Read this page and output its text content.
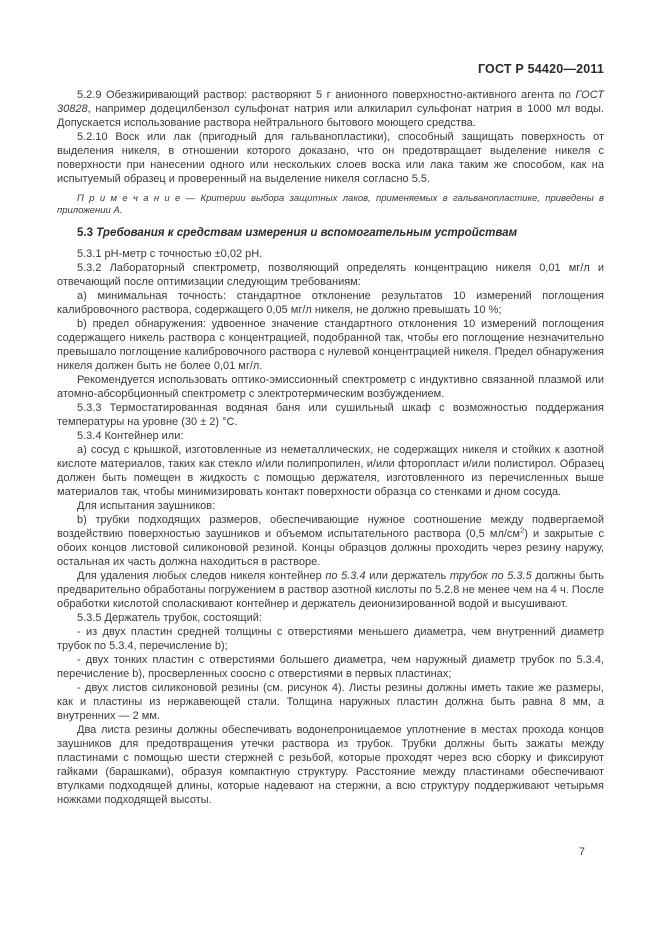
ГОСТ Р 54420—2011

5.2.9 Обезжиривающий раствор: растворяют 5 г анионного поверхностно-активного агента по ГОСТ 30828, например додецилбензол сульфонат натрия или алкиларил сульфонат натрия в 1000 мл воды. Допускается использование раствора нейтрального бытового моющего средства.

5.2.10 Воск или лак (пригодный для гальванопластики), способный защищать поверхность от выделения никеля, в отношении которого доказано, что он предотвращает выделение никеля с поверхности при нанесении одного или нескольких слоев воска или лака таким же способом, как на испытуемый образец и проверенный на выделение никеля согласно 5.5.

П р и м е ч а н и е — Критерии выбора защитных лаков, применяемых в гальванопластике, приведены в приложении А.

5.3 Требования к средствам измерения и вспомогательным устройствам

5.3.1 pH-метр с точностью ±0,02 pH.

5.3.2 Лабораторный спектрометр, позволяющий определять концентрацию никеля 0,01 мг/л и отвечающий после оптимизации следующим требованиям:

a) минимальная точность: стандартное отклонение результатов 10 измерений поглощения калибровочного раствора, содержащего 0,05 мг/л никеля, не должно превышать 10 %;

b) предел обнаружения: удвоенное значение стандартного отклонения 10 измерений поглощения содержащего никель раствора с концентрацией, подобранной так, чтобы его поглощение незначительно превышало поглощение калибровочного раствора с нулевой концентрацией никеля. Предел обнаружения никеля должен быть не более 0,01 мг/л.

Рекомендуется использовать оптико-эмиссионный спектрометр с индуктивно связанной плазмой или атомно-абсорбционный спектрометр с электротермическим возбуждением.

5.3.3 Термостатированная водяная баня или сушильный шкаф с возможностью поддержания температуры на уровне (30 ± 2) °С.

5.3.4 Контейнер или:

a) сосуд с крышкой, изготовленные из неметаллических, не содержащих никеля и стойких к азотной кислоте материалов, таких как стекло и/или полипропилен, и/или фторопласт и/или полистирол. Образец должен быть помещен в жидкость с помощью держателя, изготовленного из перечисленных выше материалов так, чтобы минимизировать контакт поверхности образца со стенками и дном сосуда.

Для испытания заушников:

b) трубки подходящих размеров, обеспечивающие нужное соотношение между подвергаемой воздействию поверхностью заушников и объемом испытательного раствора (0,5 $мл/см^2$) и закрытые с обоих концов листовой силиконовой резиной. Концы образцов должны проходить через резину наружу, остальная их часть должна находиться в растворе.

Для удаления любых следов никеля контейнер по 5.3.4 или держатель трубок по 5.3.5 должны быть предварительно обработаны погружением в раствор азотной кислоты по 5.2.8 не менее чем на 4 ч. После обработки кислотой споласкивают контейнер и держатель деионизированной водой и высушивают.

5.3.5 Держатель трубок, состоящий:

- из двух пластин средней толщины с отверстиями меньшего диаметра, чем внутренний диаметр трубок по 5.3.4, перечисление b);

- двух тонких пластин с отверстиями большего диаметра, чем наружный диаметр трубок по 5.3.4, перечисление b), просверленных соосно с отверстиями в первых пластинах;

- двух листов силиконовой резины (см. рисунок 4). Листы резины должны иметь такие же размеры, как и пластины из нержавеющей стали. Толщина наружных пластин должна быть равна 8 мм, а внутренних — 2 мм.

Два листа резины должны обеспечивать водонепроницаемое уплотнение в местах прохода концов заушников для предотвращения утечки раствора из трубок. Трубки должны быть зажаты между пластинами с помощью шести стержней с резьбой, которые проходят через всю сборку и фиксируют гайками (барашками), образуя компактную структуру. Расстояние между пластинами обеспечивают втулками подходящей длины, которые надевают на стержни, а всю структуру поддерживают четырьмя ножками подходящей высоты.

7
